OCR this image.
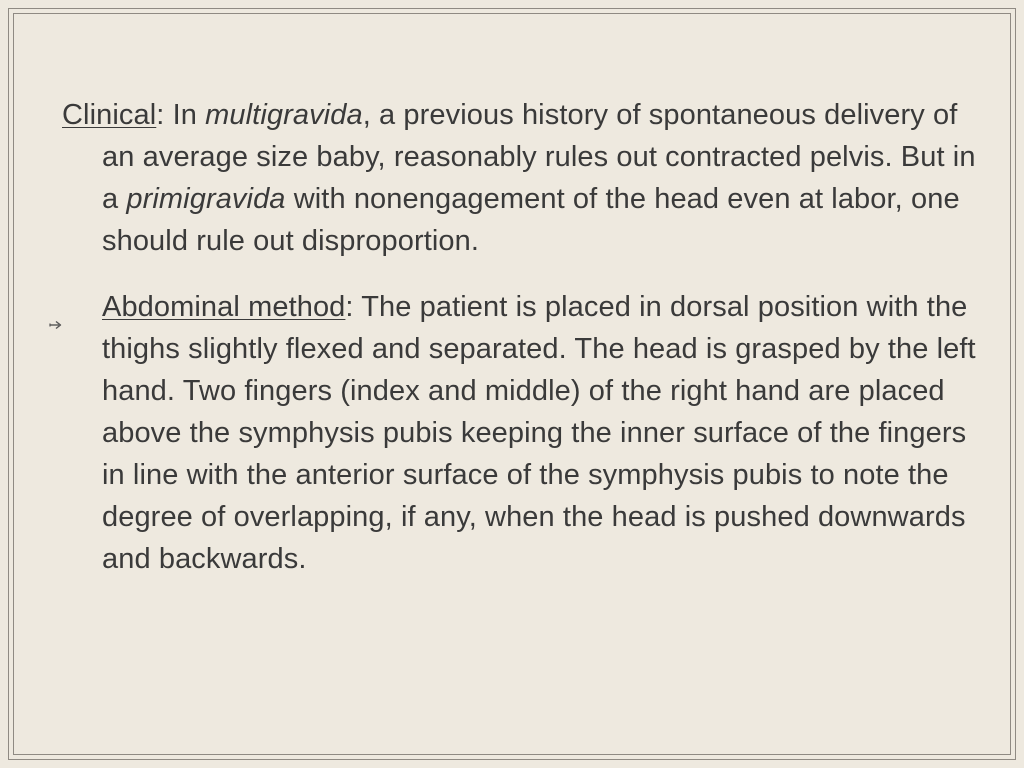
Clinical: In multigravida, a previous history of spontaneous delivery of an average size baby, reasonably rules out contracted pelvis. But in a primigravida with nonengagement of the head even at labor, one should rule out disproportion.

Abdominal method: The patient is placed in dorsal position with the thighs slightly flexed and separated. The head is grasped by the left hand. Two fingers (index and middle) of the right hand are placed above the symphysis pubis keeping the inner surface of the fingers in line with the anterior surface of the symphysis pubis to note the degree of overlapping, if any, when the head is pushed downwards and backwards.
